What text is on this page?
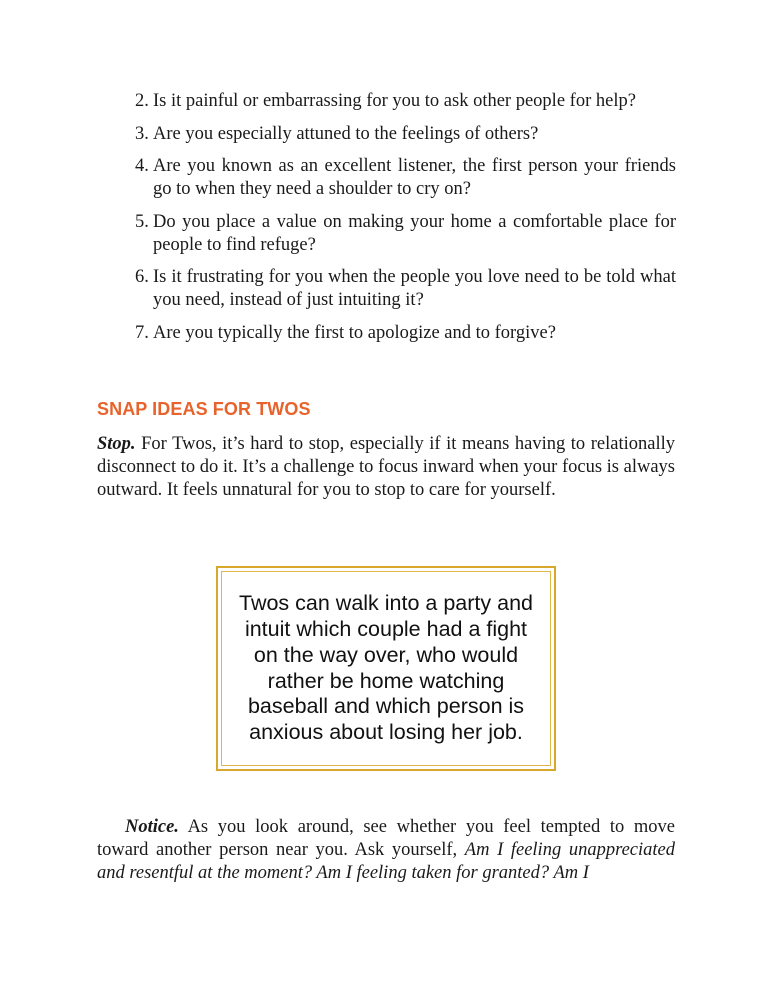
2. Is it painful or embarrassing for you to ask other people for help?
3. Are you especially attuned to the feelings of others?
4. Are you known as an excellent listener, the first person your friends go to when they need a shoulder to cry on?
5. Do you place a value on making your home a comfortable place for people to find refuge?
6. Is it frustrating for you when the people you love need to be told what you need, instead of just intuiting it?
7. Are you typically the first to apologize and to forgive?
SNAP IDEAS FOR TWOS

Stop. For Twos, it’s hard to stop, especially if it means having to relationally disconnect to do it. It’s a challenge to focus inward when your focus is always outward. It feels unnatural for you to stop to care for yourself.

Twos can walk into a party and intuit which couple had a fight on the way over, who would rather be home watching baseball and which person is anxious about losing her job.

Notice. As you look around, see whether you feel tempted to move toward another person near you. Ask yourself, Am I feeling unappreciated and resentful at the moment? Am I feeling taken for granted? Am I
